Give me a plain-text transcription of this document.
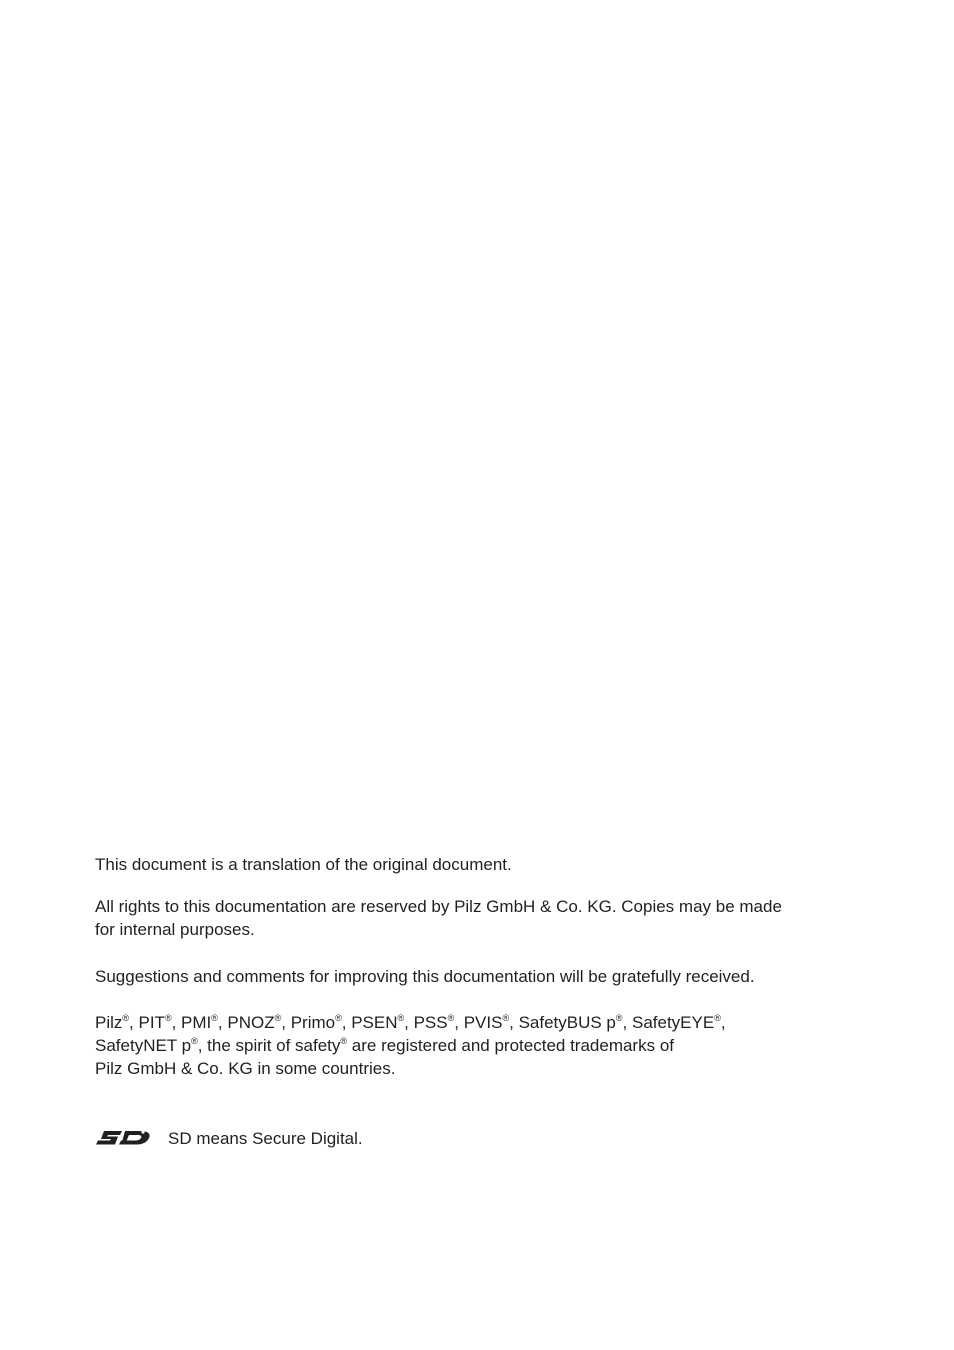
This document is a translation of the original document.

All rights to this documentation are reserved by Pilz GmbH & Co. KG. Copies may be made
for internal purposes.

Suggestions and comments for improving this documentation will be gratefully received.

Pilz®, PIT®, PMI®, PNOZ®, Primo®, PSEN®, PSS®, PVIS®, SafetyBUS p®, SafetyEYE®,
SafetyNET p®, the spirit of safety® are registered and protected trademarks of
Pilz GmbH & Co. KG in some countries.

SD means Secure Digital.
